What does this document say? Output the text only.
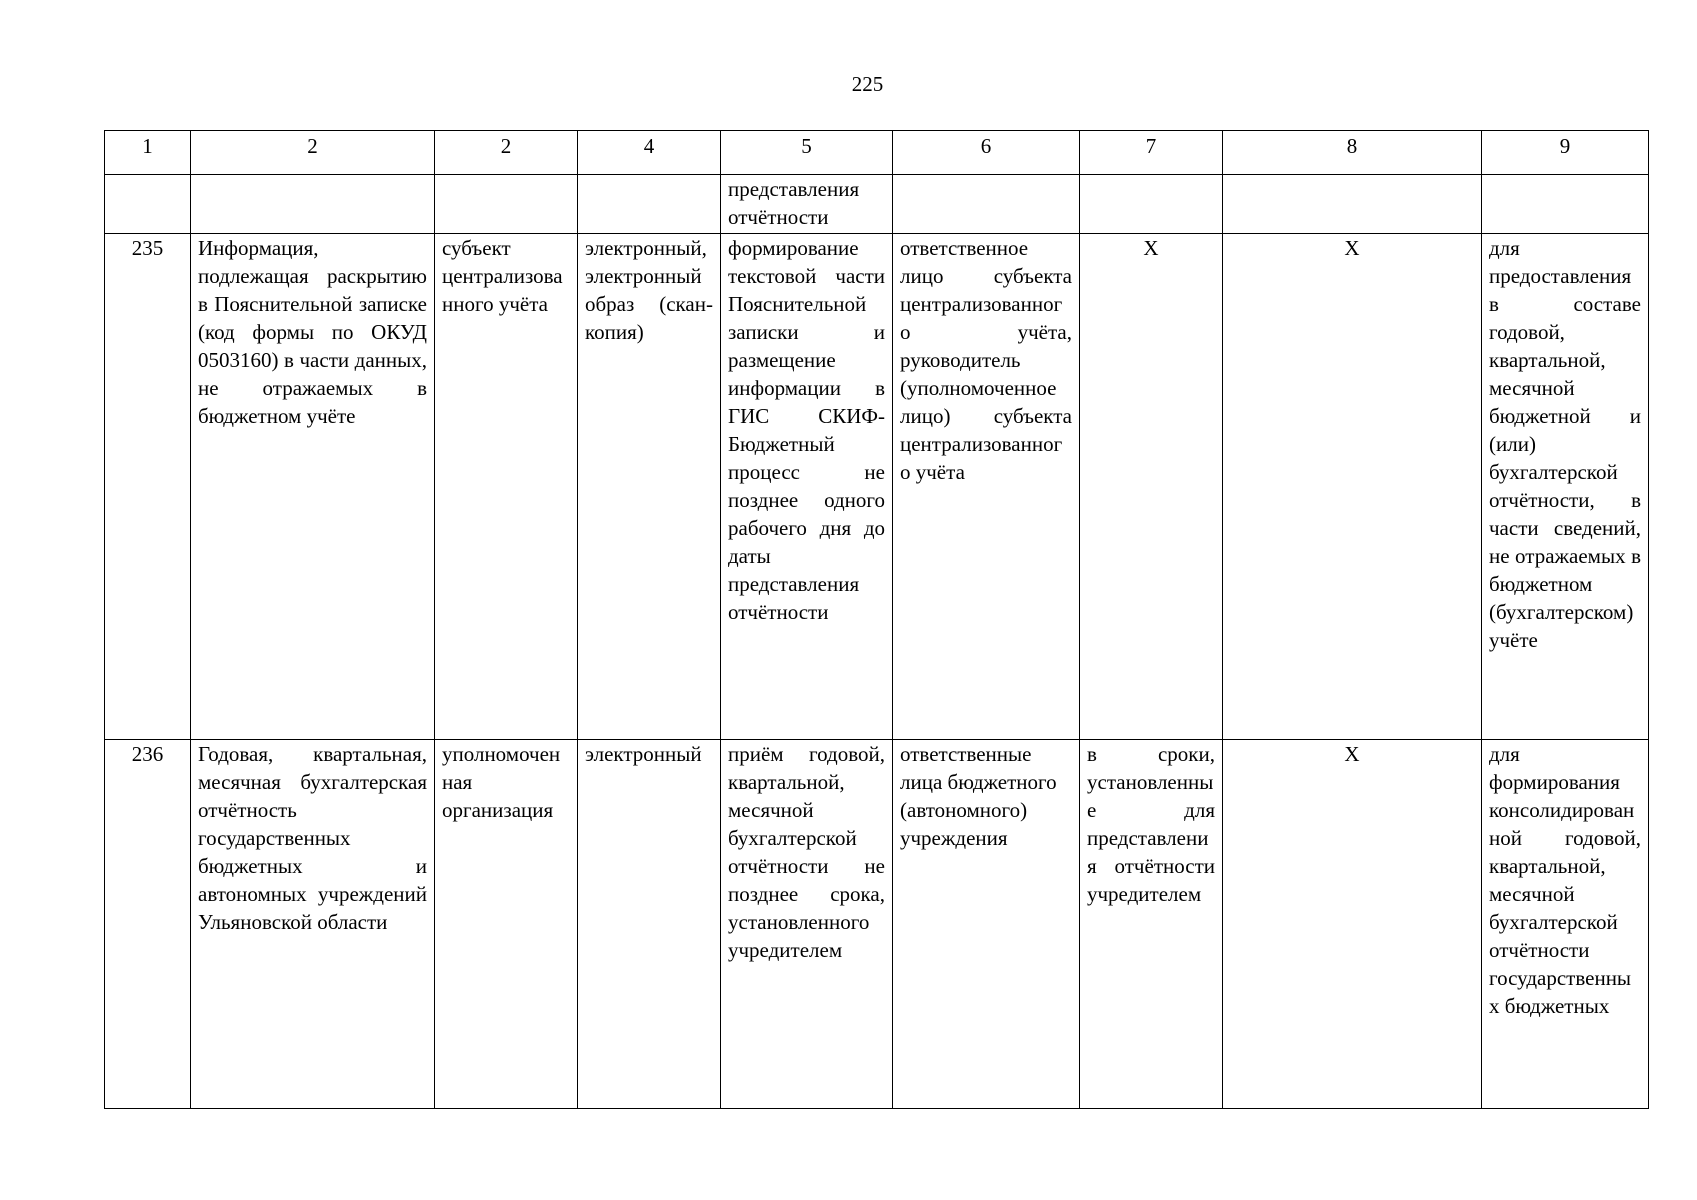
225
1	2	2	4	5	6	7	8	9
				представления отчётности				
235	Информация, подлежащая раскрытию в Пояснительной записке (код формы по ОКУД 0503160) в части данных, не отражаемых в бюджетном учёте	субъект централизованного учёта	электронный, электронный образ (скан-копия)	формирование текстовой части Пояснительной записки и размещение информации в ГИС СКИФ-Бюджетный процесс не позднее одного рабочего дня до даты представления отчётности	ответственное лицо субъекта централизованного учёта, руководитель (уполномоченное лицо) субъекта централизованного учёта	Х	Х	для предоставления в составе годовой, квартальной, месячной бюджетной и (или) бухгалтерской отчётности, в части сведений, не отражаемых в бюджетном (бухгалтерском) учёте
236	Годовая, квартальная, месячная бухгалтерская отчётность государственных бюджетных и автономных учреждений Ульяновской области	уполномоченная организация	электронный	приём годовой, квартальной, месячной бухгалтерской отчётности не позднее срока, установленного учредителем	ответственные лица бюджетного (автономного) учреждения	в сроки, установленные для представления отчётности учредителем	Х	для формирования консолидированной годовой, квартальной, месячной бухгалтерской отчётности государственных бюджетных
